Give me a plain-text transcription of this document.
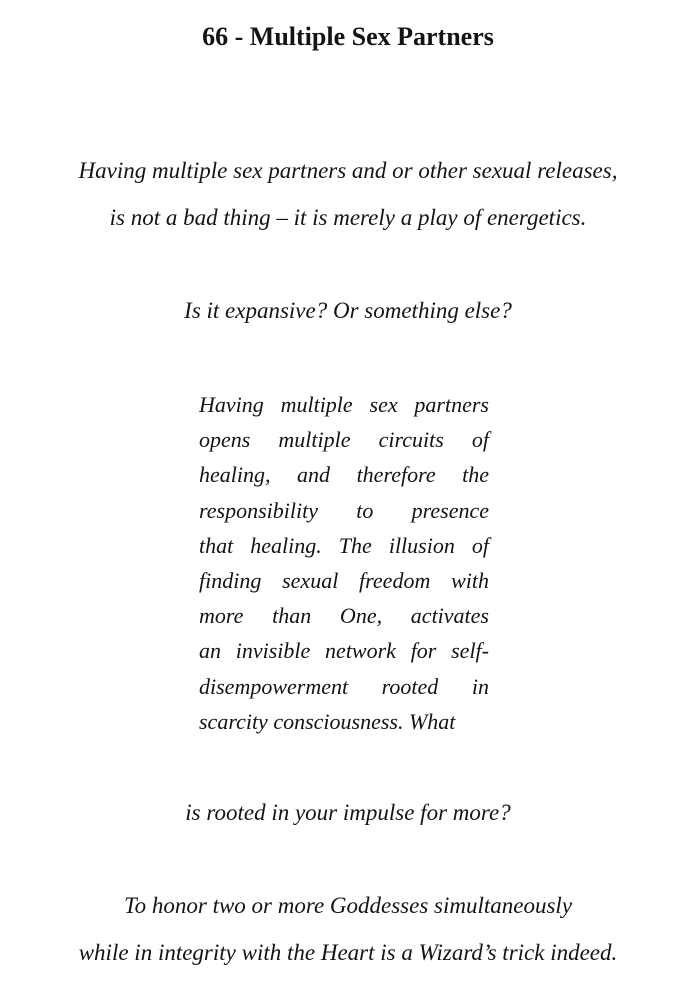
66 - Multiple Sex Partners
Having multiple sex partners and or other sexual releases,
is not a bad thing – it is merely a play of energetics.
Is it expansive? Or something else?
Having multiple sex partners
opens multiple circuits of
healing, and therefore the
responsibility to presence
that healing. The illusion of
finding sexual freedom with
more than One, activates
an invisible network for self-
disempowerment rooted in
scarcity consciousness. What
is rooted in your impulse for more?
To honor two or more Goddesses simultaneously
while in integrity with the Heart is a Wizard’s trick indeed.
